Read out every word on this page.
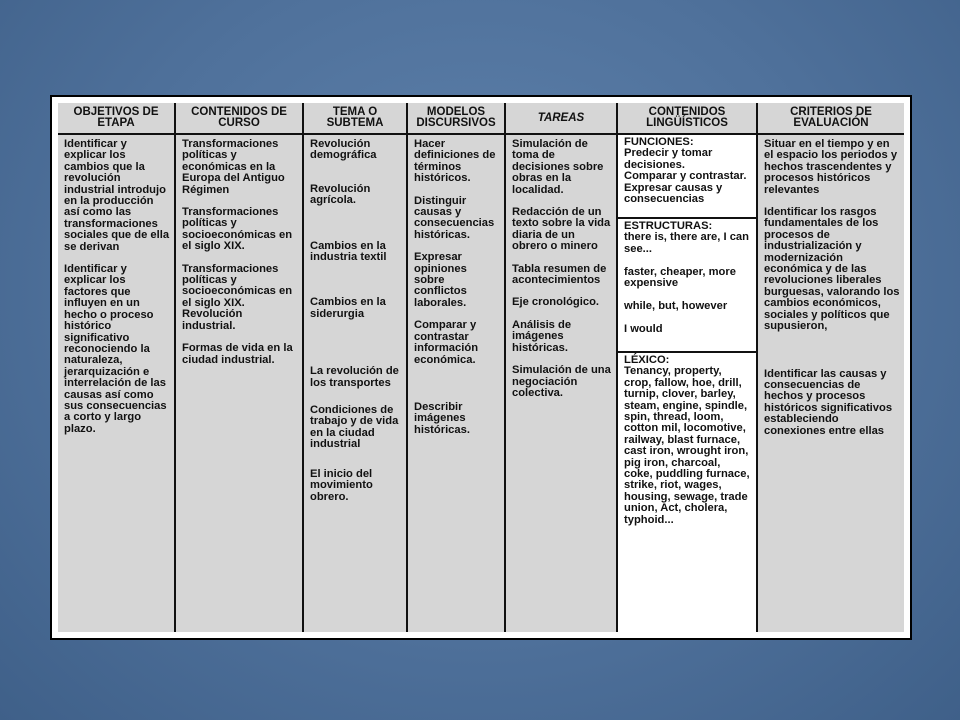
OBJETIVOS DE ETAPA
Identificar y explicar los cambios que la revolución industrial introdujo en la producción así como las transformaciones sociales que de ella se derivan
Identificar y explicar los factores que influyen en un hecho o proceso histórico significativo reconociendo la naturaleza, jerarquización e interrelación de las causas así como sus consecuencias a corto y largo plazo.
CONTENIDOS DE CURSO
Transformaciones políticas y económicas en la Europa del Antiguo Régimen
Transformaciones políticas y socioeconómicas en el siglo XIX.
Transformaciones políticas y socioeconómicas en el siglo XIX. Revolución industrial.
Formas de vida en la ciudad industrial.
TEMA O SUBTEMA
Revolución demográfica
Revolución agrícola.
Cambios en la industria textil
Cambios en la siderurgia
La revolución de los transportes
Condiciones de trabajo y de vida en la ciudad industrial
El inicio del movimiento obrero.
MODELOS DISCURSIVOS
Hacer definiciones de términos históricos.
Distinguir causas y consecuencias históricas.
Expresar opiniones sobre conflictos laborales.
Comparar y contrastar información económica.
Describir imágenes históricas.
TAREAS
Simulación de toma de decisiones sobre obras en la localidad.
Redacción de un texto sobre la vida diaria de un obrero o minero
Tabla resumen de acontecimientos
Eje cronológico.
Análisis de imágenes históricas.
Simulación de una negociación colectiva.
CONTENIDOS LINGÜÍSTICOS
FUNCIONES:
Predecir y tomar decisiones.
Comparar y contrastar.
Expresar causas y consecuencias
ESTRUCTURAS:
there is, there are, I can see...

faster, cheaper, more expensive

while, but, however

I would
LÉXICO:
Tenancy, property, crop, fallow, hoe, drill, turnip, clover, barley, steam, engine, spindle, spin, thread, loom, cotton mil, locomotive, railway, blast furnace, cast iron, wrought iron, pig iron, charcoal, coke, puddling furnace, strike, riot, wages, housing, sewage, trade union, Act, cholera, typhoid...
CRITERIOS DE EVALUACIÓN
Situar en el tiempo y en el espacio los periodos y hechos trascendentes y procesos históricos relevantes
Identificar los rasgos fundamentales de los procesos de industrialización y modernización económica y de las revoluciones liberales burguesas, valorando los cambios económicos, sociales y políticos que supusieron,
Identificar las causas y consecuencias de hechos y procesos históricos significativos estableciendo conexiones entre ellas
